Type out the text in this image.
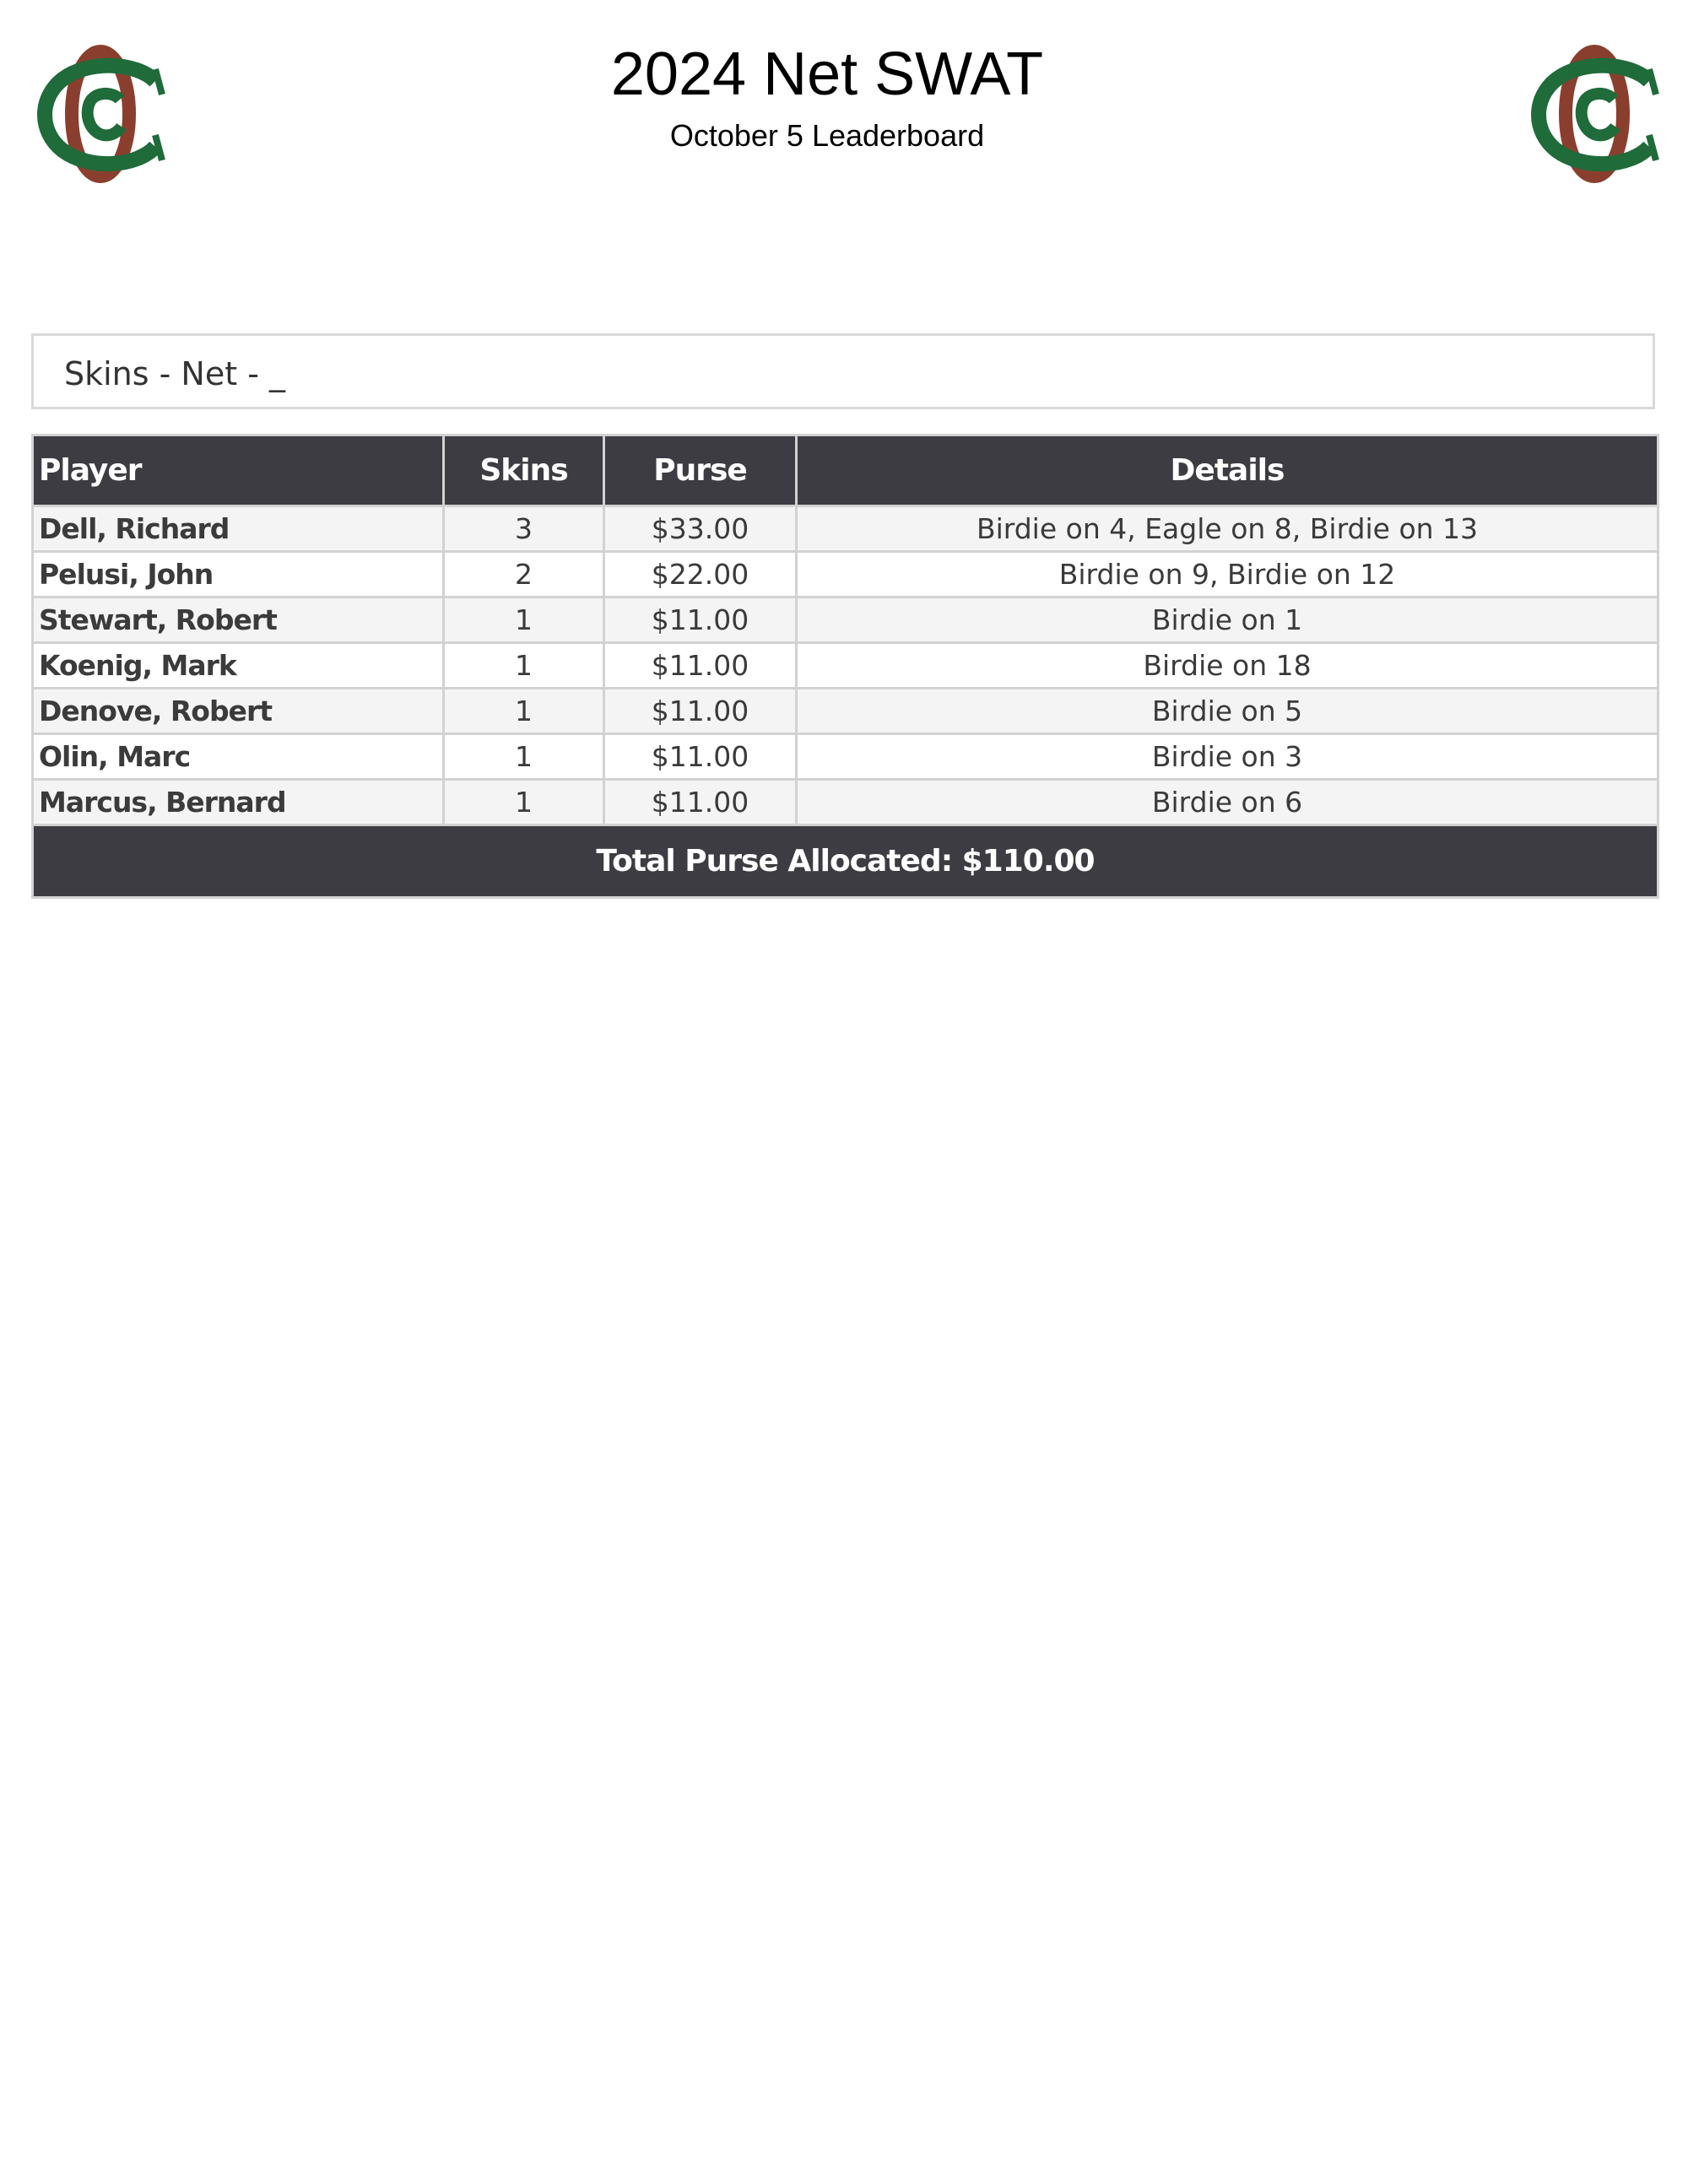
2024 Net SWAT
October 5 Leaderboard
Skins - Net - _
Player	Skins	Purse	Details
Dell, Richard	3	$33.00	Birdie on 4, Eagle on 8, Birdie on 13
Pelusi, John	2	$22.00	Birdie on 9, Birdie on 12
Stewart, Robert	1	$11.00	Birdie on 1
Koenig, Mark	1	$11.00	Birdie on 18
Denove, Robert	1	$11.00	Birdie on 5
Olin, Marc	1	$11.00	Birdie on 3
Marcus, Bernard	1	$11.00	Birdie on 6
Total Purse Allocated: $110.00			
